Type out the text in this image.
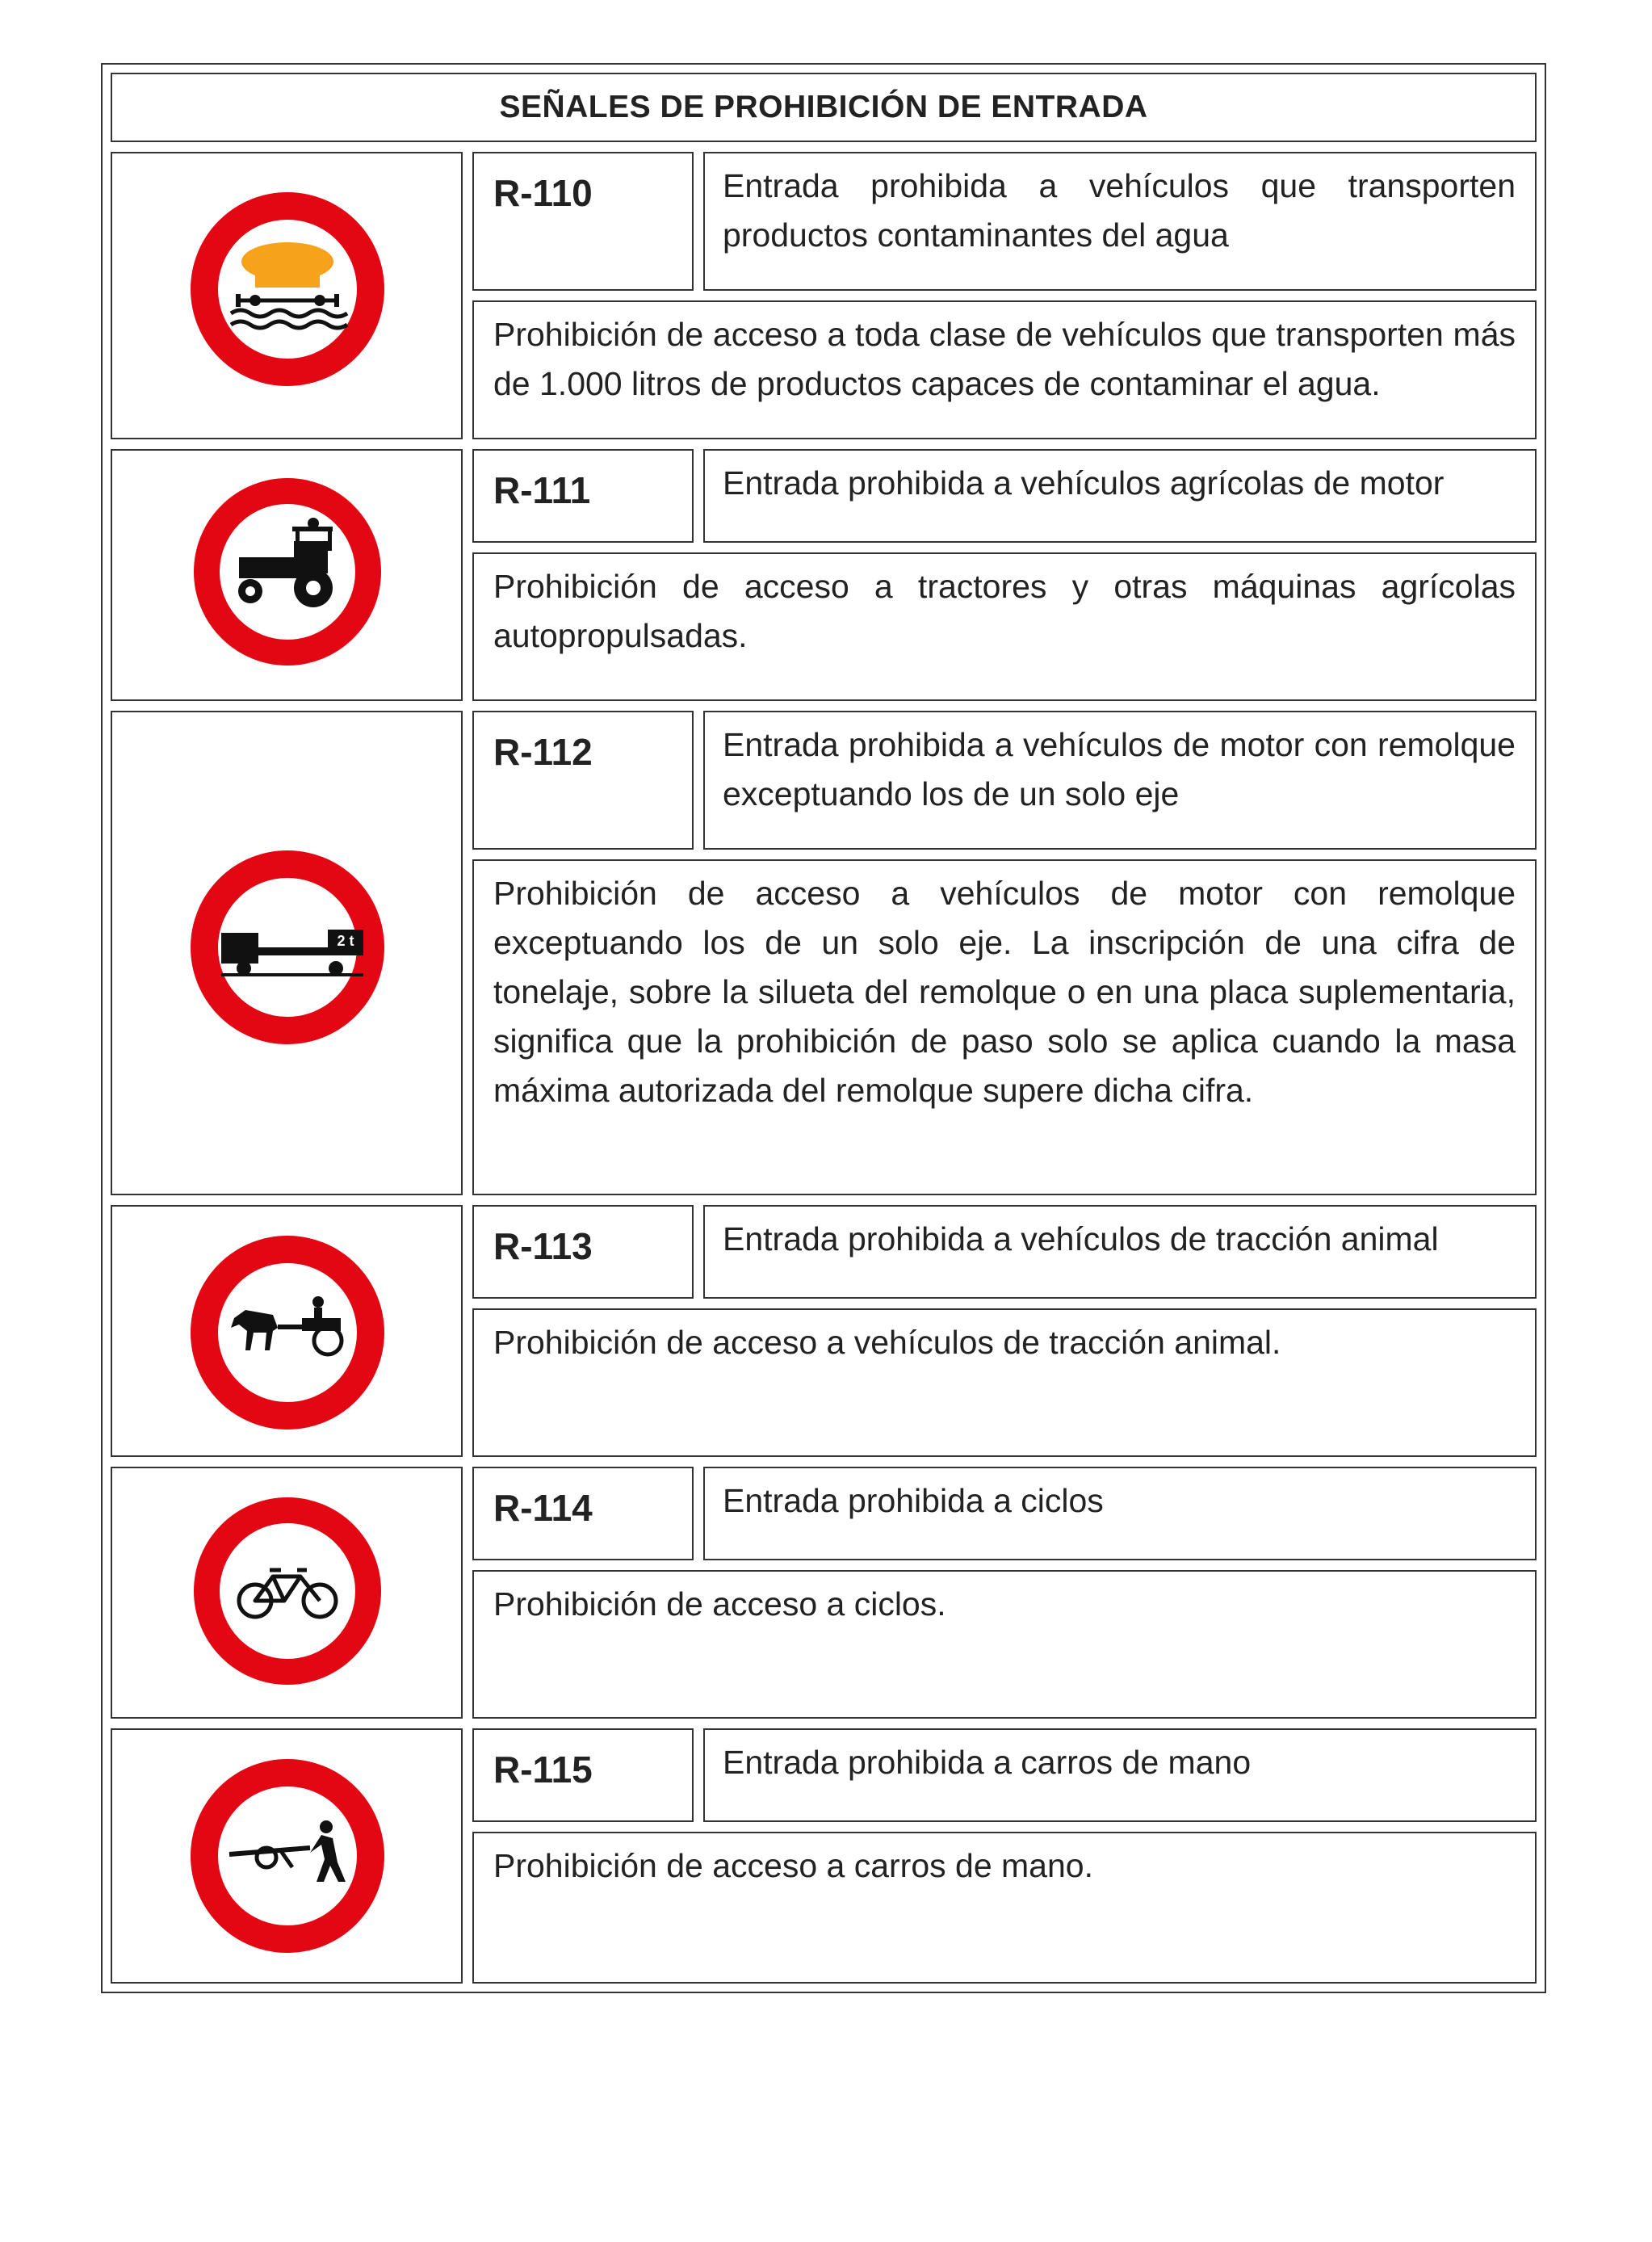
SEÑALES DE PROHIBICIÓN DE ENTRADA
R-110	Entrada prohibida a vehículos que transporten productos contaminantes del agua
Prohibición de acceso a toda clase de vehículos que transporten más de 1.000 litros de productos capaces de contaminar el agua.
R-111	Entrada prohibida a vehículos agrícolas de motor
Prohibición de acceso a tractores y otras máquinas agrícolas autopropulsadas.
2 t
R-112	Entrada prohibida a vehículos de motor con remolque exceptuando los de un solo eje
Prohibición de acceso a vehículos de motor con remolque exceptuando los de un solo eje. La inscripción de una cifra de tonelaje, sobre la silueta del remolque o en una placa suplementaria, significa que la prohibición de paso solo se aplica cuando la masa máxima autorizada del remolque supere dicha cifra.
R-113	Entrada prohibida a vehículos de tracción animal
Prohibición de acceso a vehículos de tracción animal.
R-114	Entrada prohibida a ciclos
Prohibición de acceso a ciclos.
R-115	Entrada prohibida a carros de mano
Prohibición de acceso a carros de mano.
